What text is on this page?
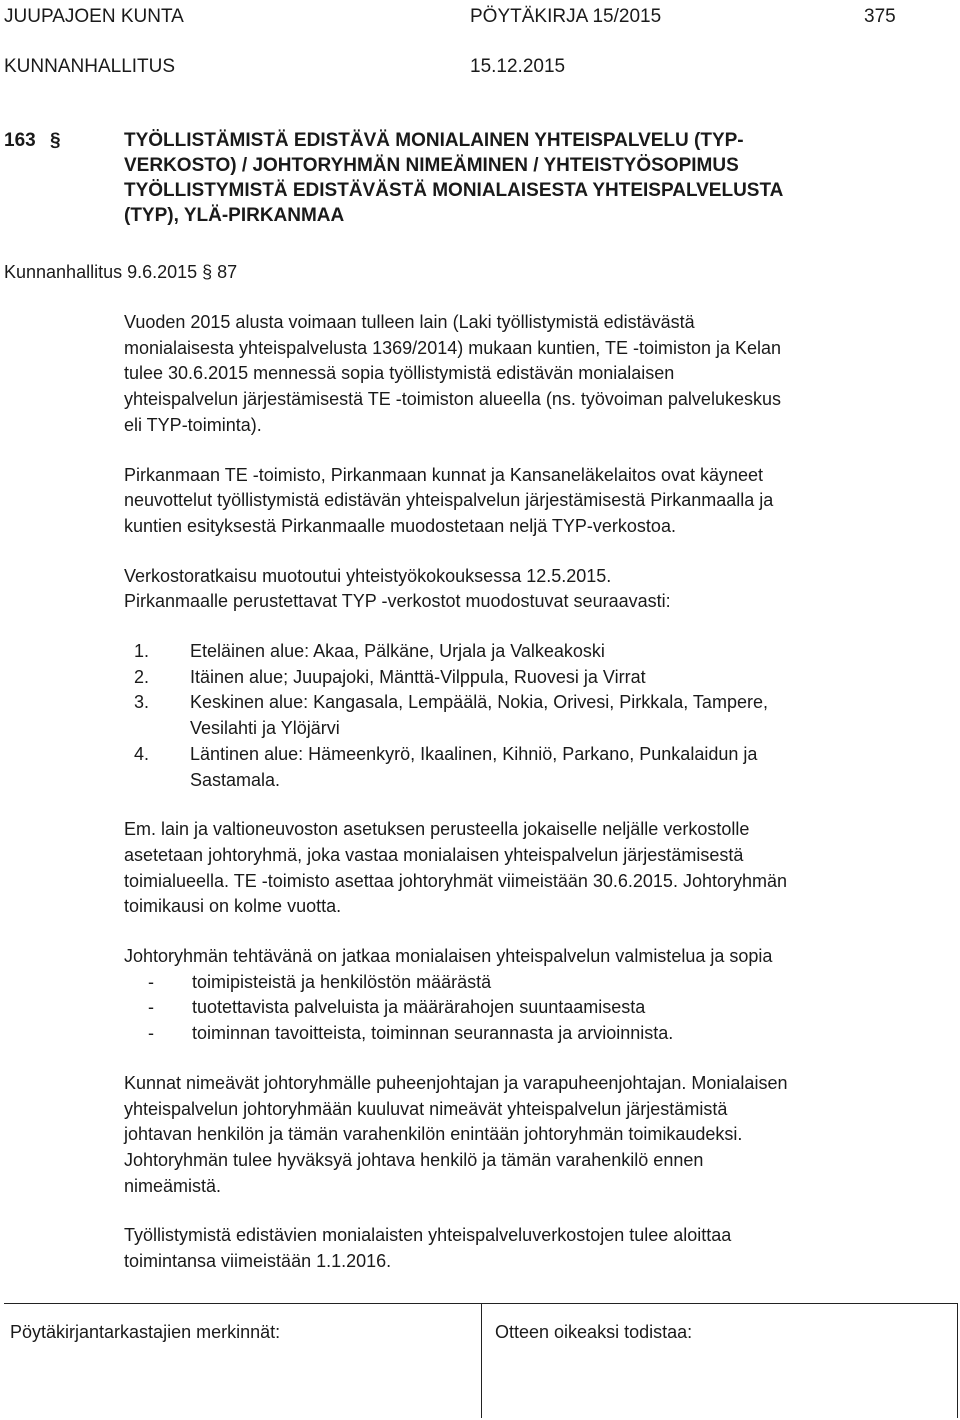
JUUPAJOEN KUNTA	PÖYTÄKIRJA 15/2015	375
KUNNANHALLITUS	15.12.2015
163 §	TYÖLLISTÄMISTÄ EDISTÄVÄ MONIALAINEN YHTEISPALVELU (TYP-
VERKOSTO) / JOHTORYHMÄN NIMEÄMINEN / YHTEISTYÖSOPIMUS
TYÖLLISTYMISTÄ EDISTÄVÄSTÄ MONIALAISESTA YHTEISPALVELUSTA
(TYP), YLÄ-PIRKANMAA
Kunnanhallitus 9.6.2015 § 87

Vuoden 2015 alusta voimaan tulleen lain (Laki työllistymistä edistävästä
monialaisesta yhteispalvelusta 1369/2014) mukaan kuntien, TE -toimiston ja Kelan
tulee 30.6.2015 mennessä sopia työllistymistä edistävän monialaisen
yhteispalvelun järjestämisestä TE -toimiston alueella (ns. työvoiman palvelukeskus
eli TYP-toiminta).

Pirkanmaan TE -toimisto, Pirkanmaan kunnat ja Kansaneläkelaitos ovat käyneet
neuvottelut työllistymistä edistävän yhteispalvelun järjestämisestä Pirkanmaalla ja
kuntien esityksestä Pirkanmaalle muodostetaan neljä TYP-verkostoa.

Verkostoratkaisu muotoutui yhteistyökokouksessa 12.5.2015.

Pirkanmaalle perustettavat TYP -verkostot muodostuvat seuraavasti:

1. Eteläinen alue: Akaa, Pälkäne, Urjala ja Valkeakoski
2. Itäinen alue; Juupajoki, Mänttä-Vilppula, Ruovesi ja Virrat
3. Keskinen alue: Kangasala, Lempäälä, Nokia, Orivesi, Pirkkala, Tampere,
Vesilahti ja Ylöjärvi
4. Läntinen alue: Hämeenkyrö, Ikaalinen, Kihniö, Parkano, Punkalaidun ja
Sastamala.

Em. lain ja valtioneuvoston asetuksen perusteella jokaiselle neljälle verkostolle
asetetaan johtoryhmä, joka vastaa monialaisen yhteispalvelun järjestämisestä
toimialueella. TE -toimisto asettaa johtoryhmät viimeistään 30.6.2015. Johtoryhmän
toimikausi on kolme vuotta.

Johtoryhmän tehtävänä on jatkaa monialaisen yhteispalvelun valmistelua ja sopia

- toimipisteistä ja henkilöstön määrästä
- tuotettavista palveluista ja määrärahojen suuntaamisesta
- toiminnan tavoitteista, toiminnan seurannasta ja arvioinnista.

Kunnat nimeävät johtoryhmälle puheenjohtajan ja varapuheenjohtajan. Monialaisen
yhteispalvelun johtoryhmään kuuluvat nimeävät yhteispalvelun järjestämistä
johtavan henkilön ja tämän varahenkilön enintään johtoryhmän toimikaudeksi.
Johtoryhmän tulee hyväksyä johtava henkilö ja tämän varahenkilö ennen
nimeämistä.

Työllistymistä edistävien monialaisten yhteispalveluverkostojen tulee aloittaa
toimintansa viimeistään 1.1.2016.

Pöytäkirjantarkastajien merkinnät:	Otteen oikeaksi todistaa:
